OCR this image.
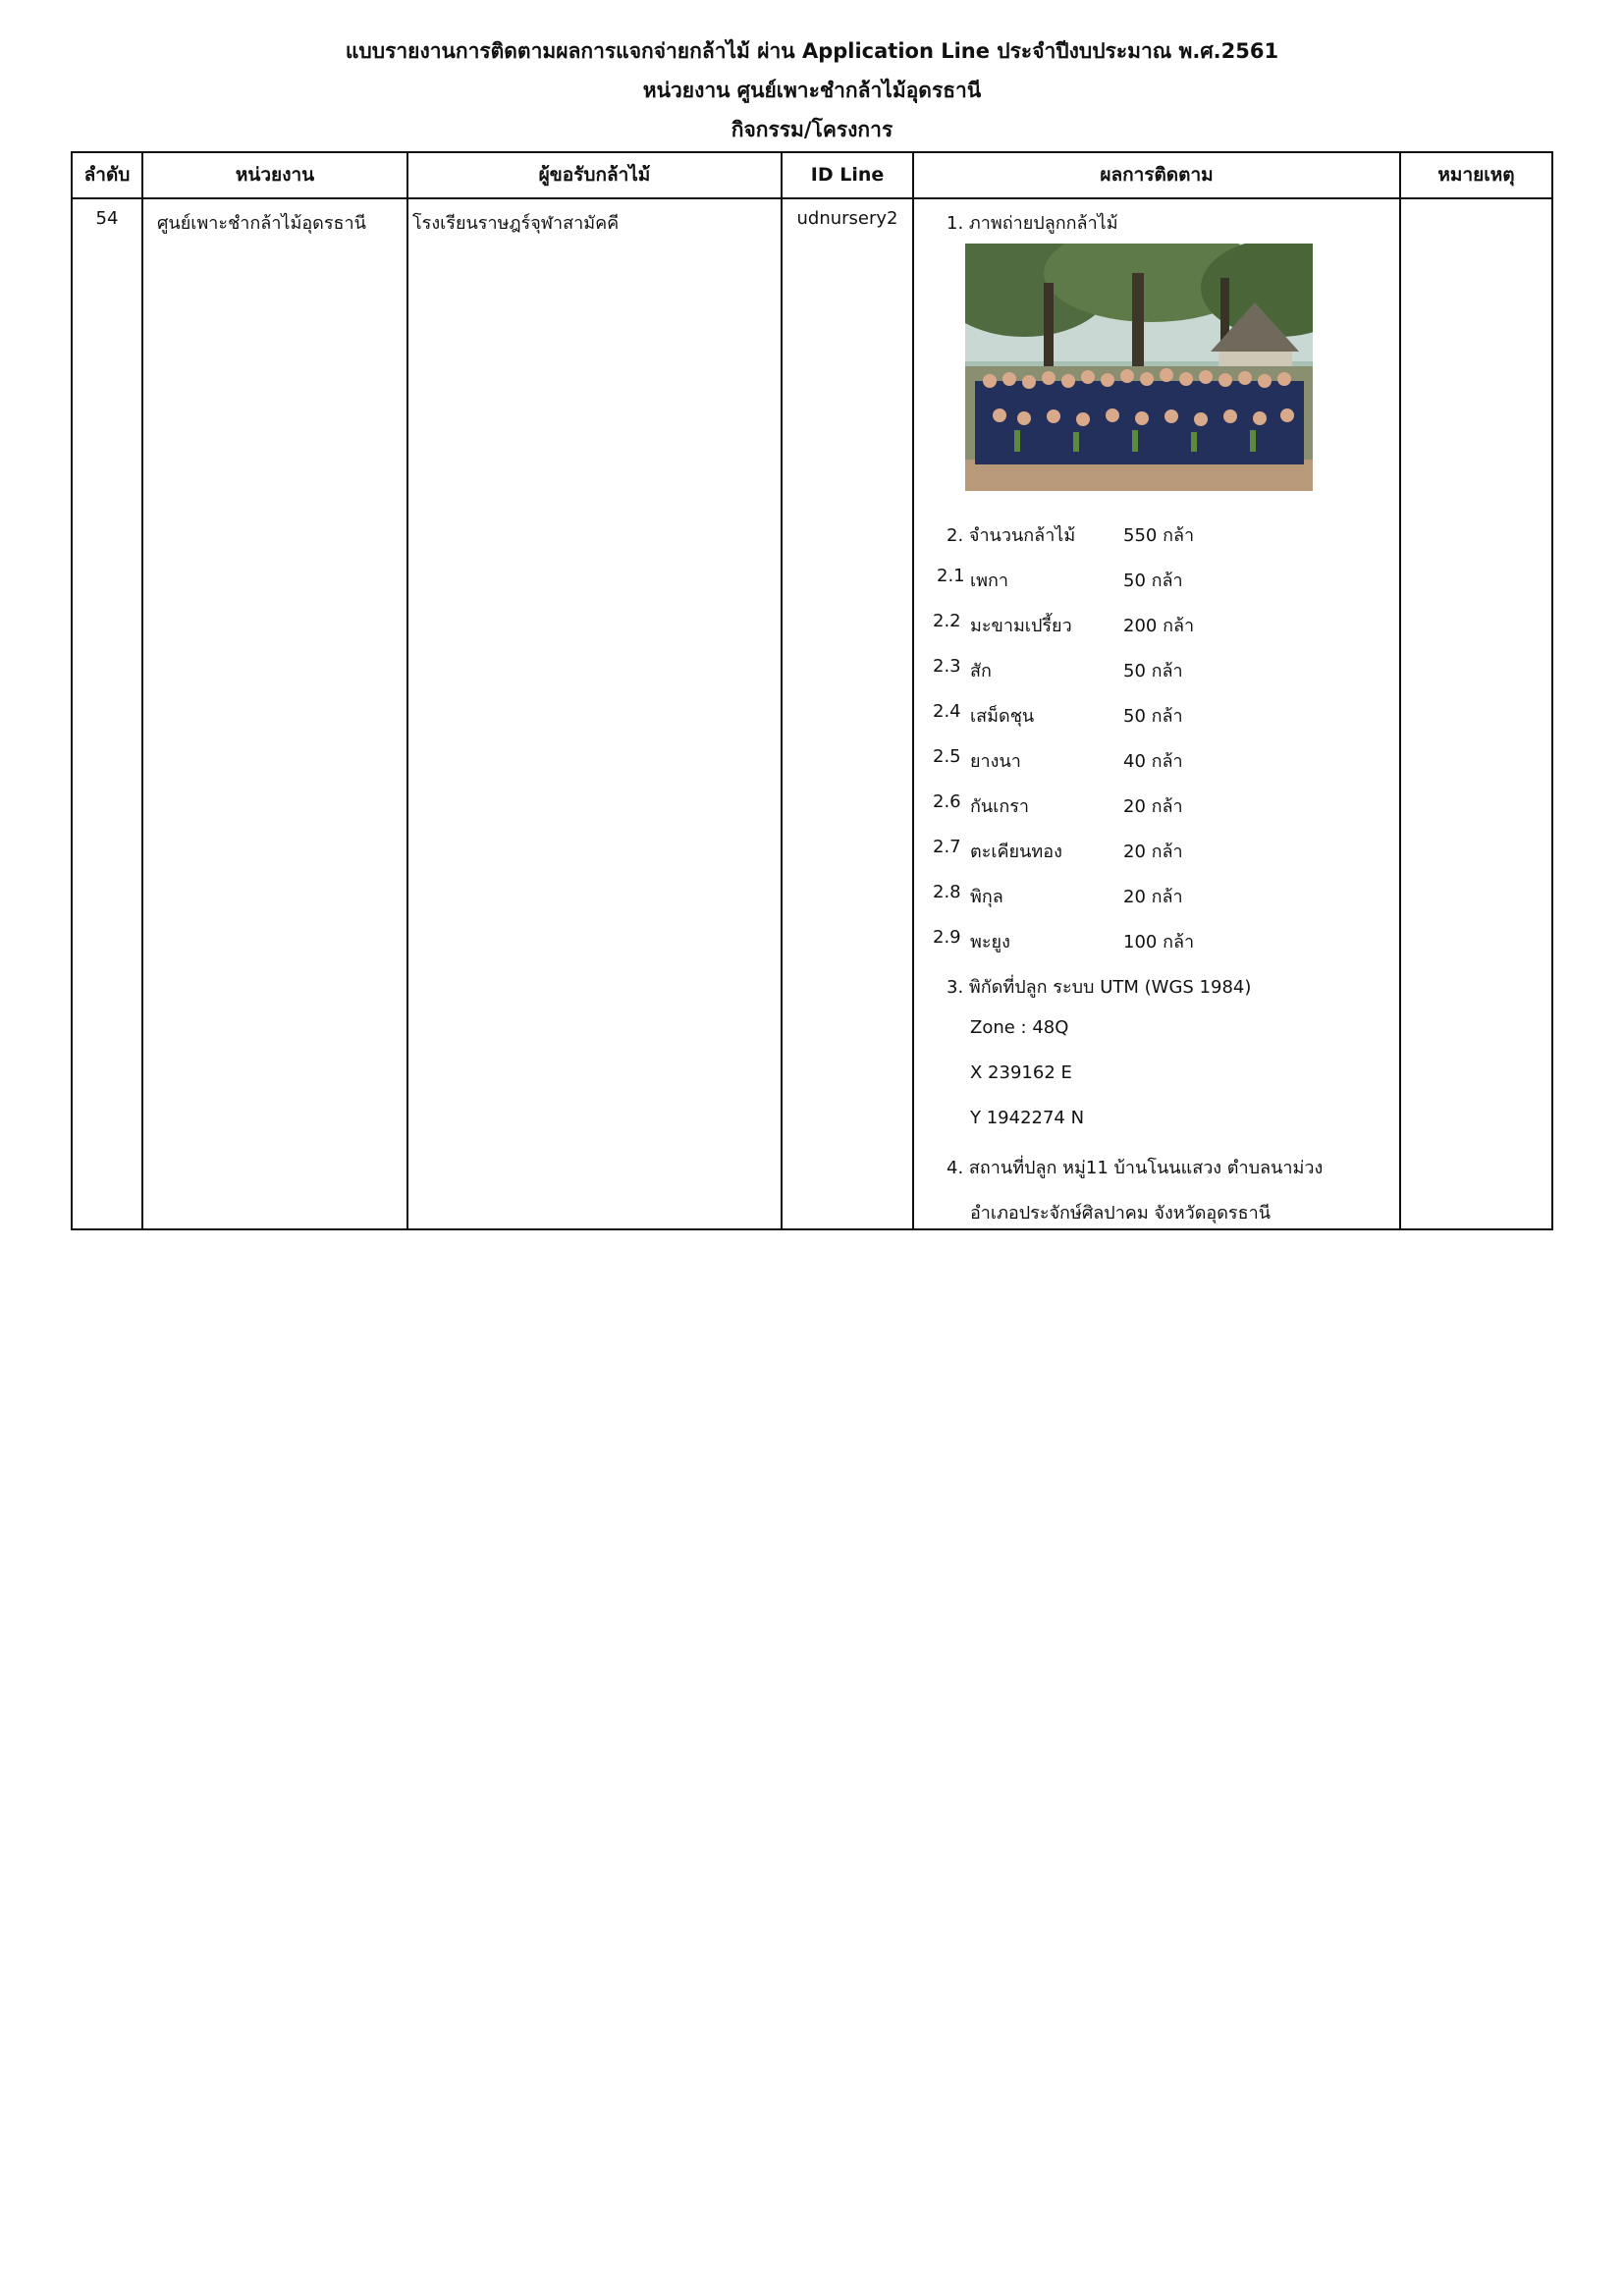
แบบรายงานการติดตามผลการแจกจ่ายกล้าไม้ ผ่าน Application Line ประจำปีงบประมาณ พ.ศ.2561
หน่วยงาน ศูนย์เพาะชำกล้าไม้อุดรธานี
กิจกรรม/โครงการ
ลำดับ	หน่วยงาน	ผู้ขอรับกล้าไม้	ID Line	ผลการติดตาม	หมายเหตุ
54	ศูนย์เพาะชำกล้าไม้อุดรธานี	โรงเรียนราษฎร์จุฬาสามัคคี	udnursery2	1. ภาพถ่ายปลูกกล้าไม้
2. จำนวนกล้าไม้	550 กล้า
2.1 เพกา	50 กล้า
2.2 มะขามเปรี้ยว	200 กล้า
2.3 สัก	50 กล้า
2.4 เสม็ดชุน	50 กล้า
2.5 ยางนา	40 กล้า
2.6 กันเกรา	20 กล้า
2.7 ตะเคียนทอง	20 กล้า
2.8 พิกุล	20 กล้า
2.9 พะยูง	100 กล้า
3. พิกัดที่ปลูก ระบบ UTM (WGS 1984)
Zone : 48Q
X 239162 E
Y 1942274 N
4. สถานที่ปลูก หมู่11 บ้านโนนแสวง ตำบลนาม่วง
อำเภอประจักษ์ศิลปาคม จังหวัดอุดรธานี
